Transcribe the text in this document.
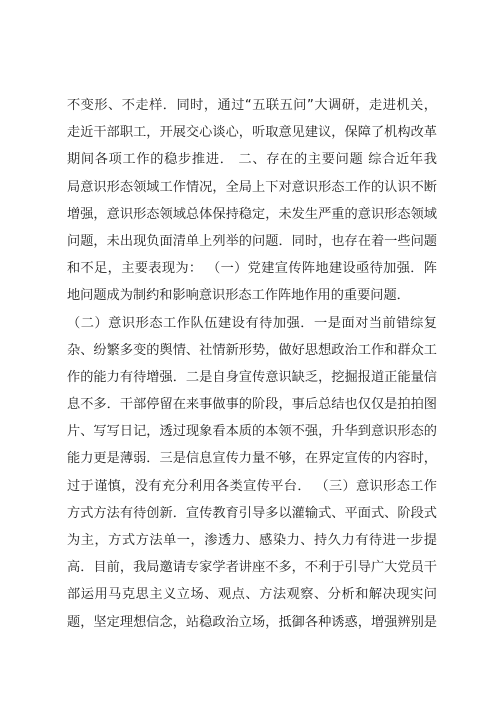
不变形、不走样．同时，通过“五联五问”大调研，走进机关，
走近干部职工，开展交心谈心，听取意见建议，保障了机构改革
期间各项工作的稳步推进． 二、存在的主要问题 综合近年我
局意识形态领域工作情况，全局上下对意识形态工作的认识不断
增强，意识形态领域总体保持稳定，未发生严重的意识形态领域
问题，未出现负面清单上列举的问题．同时，也存在着一些问题
和不足，主要表现为： （一）党建宣传阵地建设亟待加强．阵
地问题成为制约和影响意识形态工作阵地作用的重要问题．
（二）意识形态工作队伍建设有待加强．一是面对当前错综复
杂、纷繁多变的舆情、社情新形势，做好思想政治工作和群众工
作的能力有待增强．二是自身宣传意识缺乏，挖掘报道正能量信
息不多．干部停留在来事做事的阶段，事后总结也仅仅是拍拍图
片、写写日记，透过现象看本质的本领不强，升华到意识形态的
能力更是薄弱．三是信息宣传力量不够，在界定宣传的内容时，
过于谨慎，没有充分利用各类宣传平台． （三）意识形态工作
方式方法有待创新．宣传教育引导多以灌输式、平面式、阶段式
为主，方式方法单一，渗透力、感染力、持久力有待进一步提
高．目前，我局邀请专家学者讲座不多，不利于引导广大党员干
部运用马克思主义立场、观点、方法观察、分析和解决现实问
题，坚定理想信念，站稳政治立场，抵御各种诱惑，增强辨别是
